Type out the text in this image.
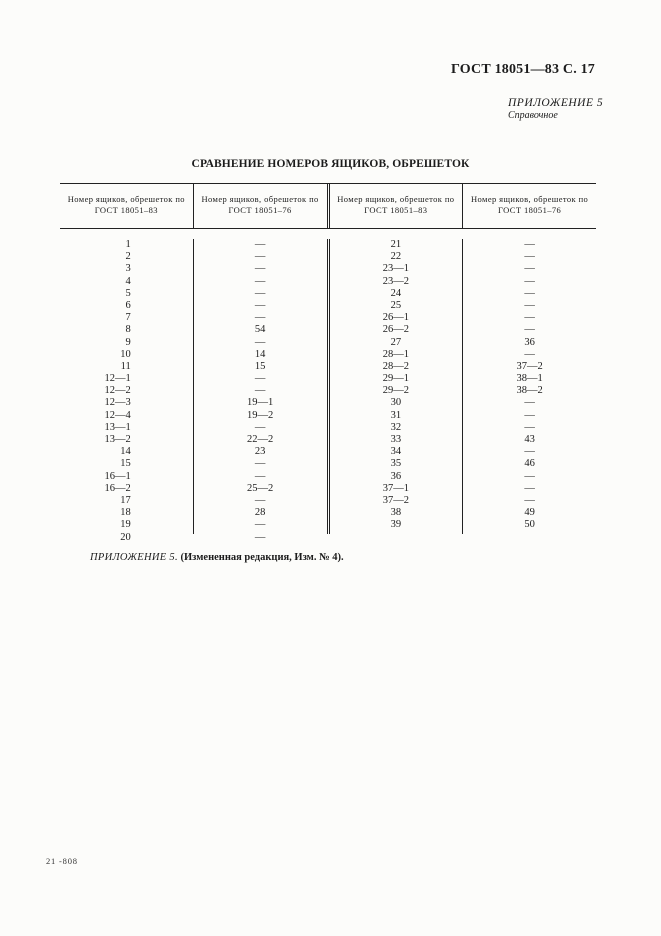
ГОСТ 18051—83 С. 17
ПРИЛОЖЕНИЕ 5
Справочное
СРАВНЕНИЕ НОМЕРОВ ЯЩИКОВ, ОБРЕШЕТОК
Номер ящиков, обрешеток по ГОСТ 18051–83
Номер ящиков, обрешеток по ГОСТ 18051–76
Номер ящиков, обрешеток по ГОСТ 18051–83
Номер ящиков, обрешеток по ГОСТ 18051–76
1
2
3
4
5
6
7
8
9
10
11
12—1
12—2
12—3
12—4
13—1
13—2
14
15
16—1
16—2
17
18
19
20
—
—
—
—
—
—
—
54
—
14
15
—
—
19—1
19—2
—
22—2
23
—
—
25—2
—
28
—
—
21
22
23—1
23—2
24
25
26—1
26—2
27
28—1
28—2
29—1
29—2
30
31
32
33
34
35
36
37—1
37—2
38
39
—
—
—
—
—
—
—
—
36
—
37—2
38—1
38—2
—
—
—
43
—
46
—
—
—
49
50
ПРИЛОЖЕНИЕ 5. (Измененная редакция, Изм. № 4).
21 -808
